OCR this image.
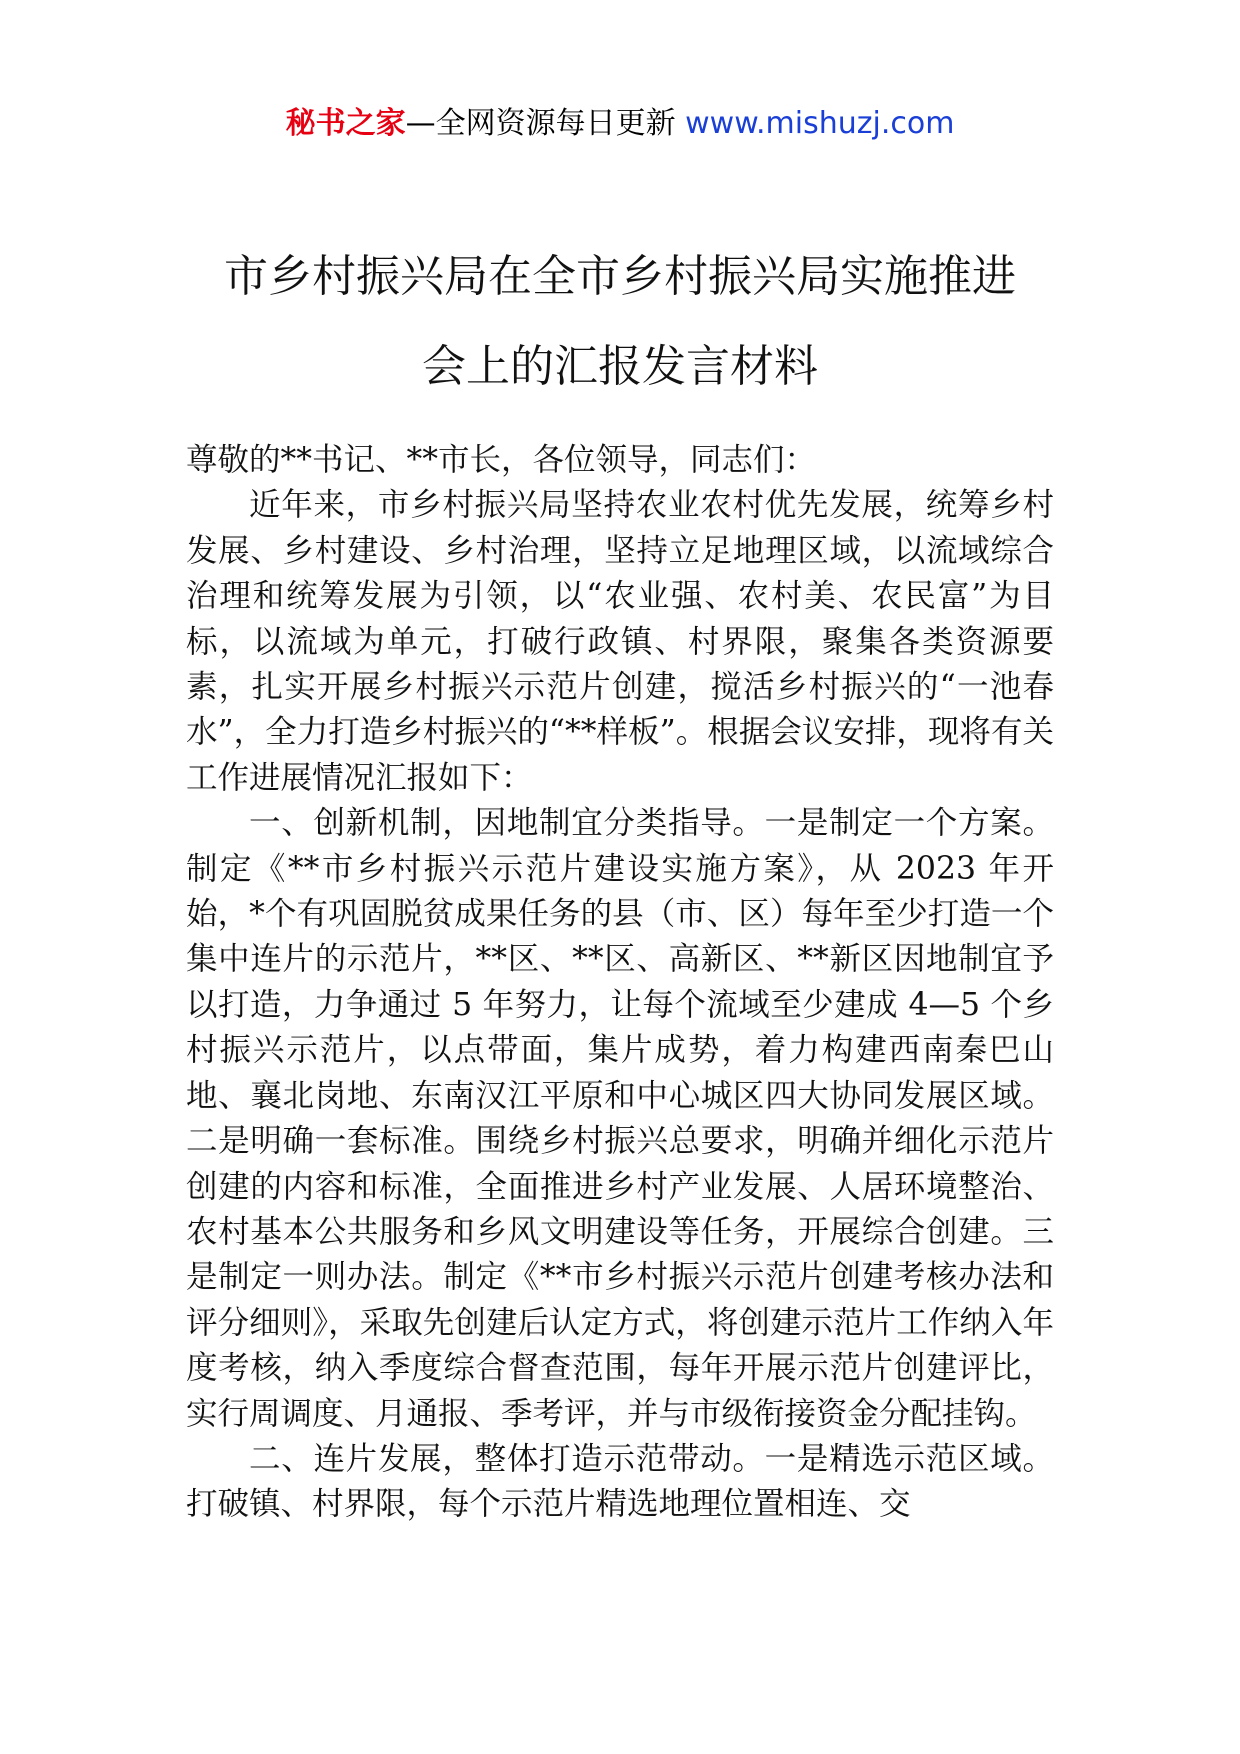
秘书之家—全网资源每日更新 www.mishuzj.com
市乡村振兴局在全市乡村振兴局实施推进
会上的汇报发言材料

尊敬的**书记、**市长，各位领导，同志们：

近年来，市乡村振兴局坚持农业农村优先发展，统筹乡村发展、乡村建设、乡村治理，坚持立足地理区域，以流域综合治理和统筹发展为引领，以“农业强、农村美、农民富”为目标，以流域为单元，打破行政镇、村界限，聚集各类资源要素，扎实开展乡村振兴示范片创建，搅活乡村振兴的“一池春水”，全力打造乡村振兴的“**样板”。根据会议安排，现将有关工作进展情况汇报如下：

一、创新机制，因地制宜分类指导。一是制定一个方案。制定《**市乡村振兴示范片建设实施方案》，从 2023 年开始，*个有巩固脱贫成果任务的县（市、区）每年至少打造一个集中连片的示范片，**区、**区、高新区、**新区因地制宜予以打造，力争通过 5 年努力，让每个流域至少建成 4—5 个乡村振兴示范片，以点带面，集片成势，着力构建西南秦巴山地、襄北岗地、东南汉江平原和中心城区四大协同发展区域。二是明确一套标准。围绕乡村振兴总要求，明确并细化示范片创建的内容和标准，全面推进乡村产业发展、人居环境整治、农村基本公共服务和乡风文明建设等任务，开展综合创建。三是制定一则办法。制定《**市乡村振兴示范片创建考核办法和评分细则》，采取先创建后认定方式，将创建示范片工作纳入年度考核，纳入季度综合督查范围，每年开展示范片创建评比，实行周调度、月通报、季考评，并与市级衔接资金分配挂钩。

二、连片发展，整体打造示范带动。一是精选示范区域。打破镇、村界限，每个示范片精选地理位置相连、交
